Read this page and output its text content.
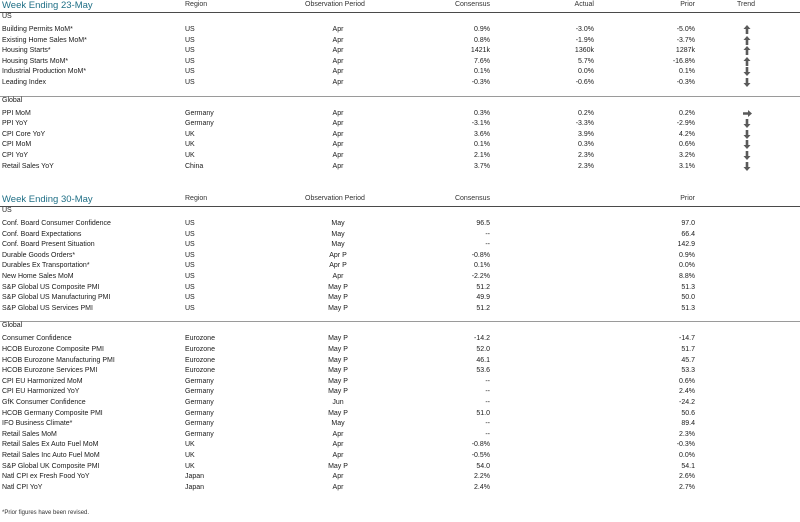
Week Ending 23-May	Region	Observation Period	Consensus	Actual	Prior	Trend
US
Building Permits MoM*	US	Apr	0.9%	-3.0%	-5.0%
Existing Home Sales MoM*	US	Apr	0.8%	-1.9%	-3.7%
Housing Starts*	US	Apr	1421k	1360k	1287k
Housing Starts MoM*	US	Apr	7.6%	5.7%	-16.8%
Industrial Production MoM*	US	Apr	0.1%	0.0%	0.1%
Leading Index	US	Apr	-0.3%	-0.6%	-0.3%
Global
PPI MoM	Germany	Apr	0.3%	0.2%	0.2%
PPI YoY	Germany	Apr	-3.1%	-3.3%	-2.9%
CPI Core YoY	UK	Apr	3.6%	3.9%	4.2%
CPI MoM	UK	Apr	0.1%	0.3%	0.6%
CPI YoY	UK	Apr	2.1%	2.3%	3.2%
Retail Sales YoY	China	Apr	3.7%	2.3%	3.1%
Week Ending 30-May	Region	Observation Period	Consensus	Prior
US
Conf. Board Consumer Confidence	US	May	96.5	97.0
Conf. Board Expectations	US	May	--	66.4
Conf. Board Present Situation	US	May	--	142.9
Durable Goods Orders*	US	Apr P	-0.8%	0.9%
Durables Ex Transportation*	US	Apr P	0.1%	0.0%
New Home Sales MoM	US	Apr	-2.2%	8.8%
S&P Global US Composite PMI	US	May P	51.2	51.3
S&P Global US Manufacturing PMI	US	May P	49.9	50.0
S&P Global US Services PMI	US	May P	51.2	51.3
Global
Consumer Confidence	Eurozone	May P	-14.2	-14.7
HCOB Eurozone Composite PMI	Eurozone	May P	52.0	51.7
HCOB Eurozone Manufacturing PMI	Eurozone	May P	46.1	45.7
HCOB Eurozone Services PMI	Eurozone	May P	53.6	53.3
CPI EU Harmonized MoM	Germany	May P	--	0.6%
CPI EU Harmonized YoY	Germany	May P	--	2.4%
GfK Consumer Confidence	Germany	Jun	--	-24.2
HCOB Germany Composite PMI	Germany	May P	51.0	50.6
IFO Business Climate*	Germany	May	--	89.4
Retail Sales MoM	Germany	Apr	--	2.3%
Retail Sales Ex Auto Fuel MoM	UK	Apr	-0.8%	-0.3%
Retail Sales Inc Auto Fuel MoM	UK	Apr	-0.5%	0.0%
S&P Global UK Composite PMI	UK	May P	54.0	54.1
Natl CPI ex Fresh Food YoY	Japan	Apr	2.2%	2.6%
Natl CPI YoY	Japan	Apr	2.4%	2.7%
*Prior figures have been revised.
